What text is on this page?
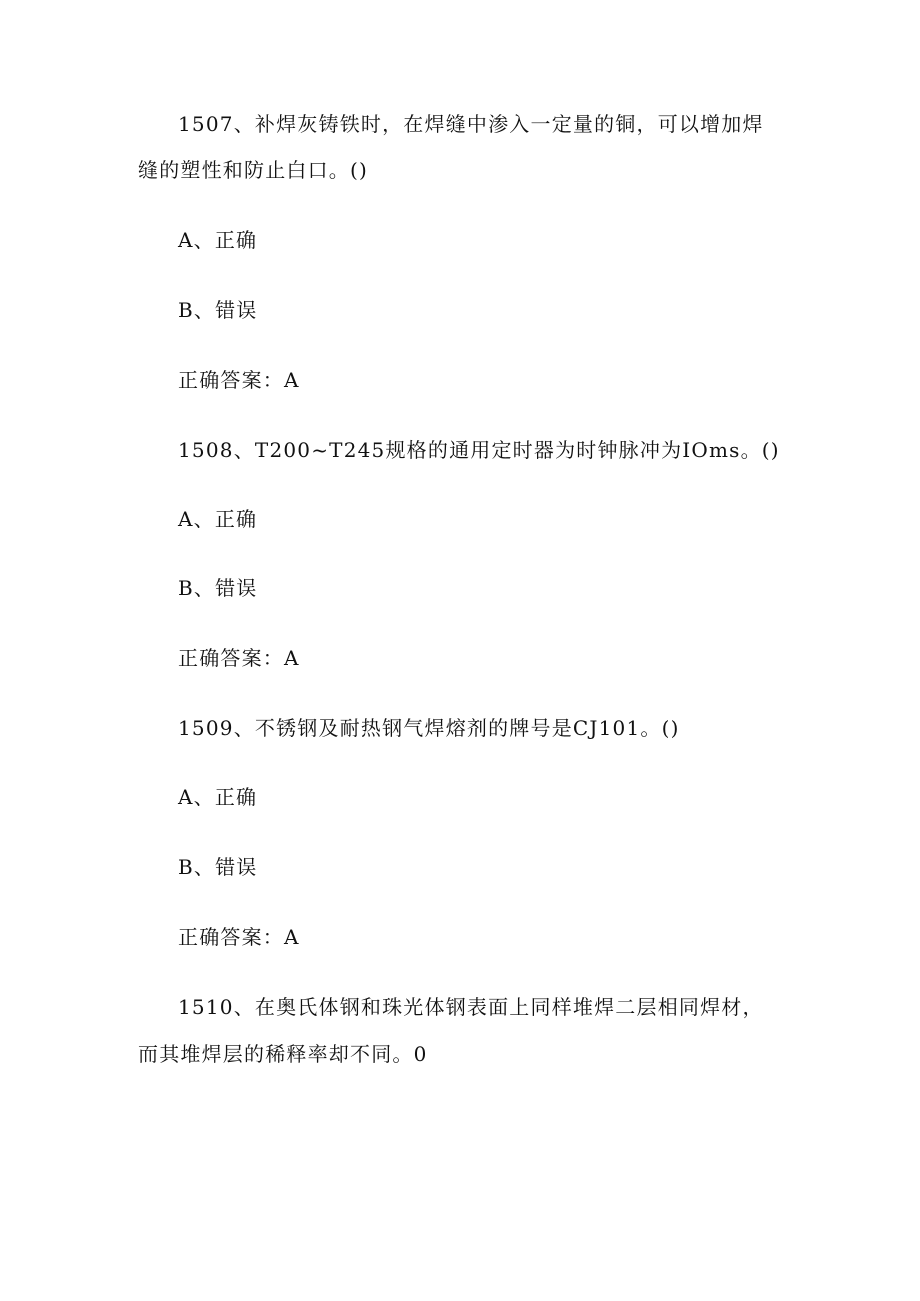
1507、补焊灰铸铁时，在焊缝中渗入一定量的铜，可以增加焊
缝的塑性和防止白口。()
A、正确
B、错误
正确答案：A
1508、T200~T245规格的通用定时器为时钟脉冲为IOms。()
A、正确
B、错误
正确答案：A
1509、不锈钢及耐热钢气焊熔剂的牌号是CJ101。()
A、正确
B、错误
正确答案：A
1510、在奥氏体钢和珠光体钢表面上同样堆焊二层相同焊材，
而其堆焊层的稀释率却不同。0
